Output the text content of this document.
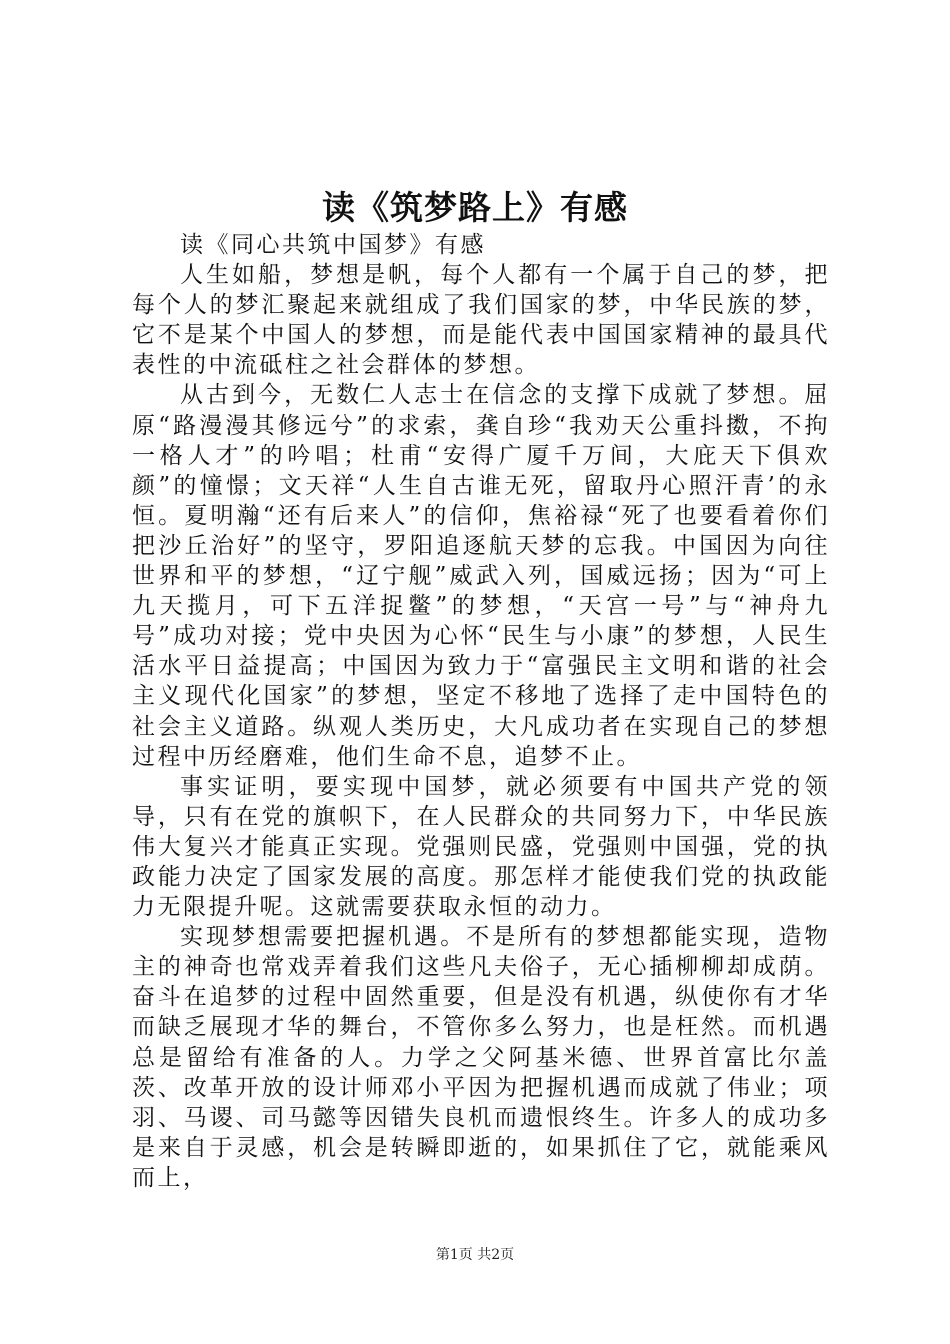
读《筑梦路上》有感

读《同心共筑中国梦》有感

人生如船，梦想是帆，每个人都有一个属于自己的梦，把每个人的梦汇聚起来就组成了我们国家的梦，中华民族的梦，它不是某个中国人的梦想，而是能代表中国国家精神的最具代表性的中流砥柱之社会群体的梦想。

从古到今，无数仁人志士在信念的支撑下成就了梦想。屈原“路漫漫其修远兮”的求索，龚自珍“我劝天公重抖擞，不拘一格人才”的吟唱；杜甫“安得广厦千万间，大庇天下俱欢颜”的憧憬；文天祥“人生自古谁无死，留取丹心照汗青’的永恒。夏明瀚“还有后来人”的信仰，焦裕禄“死了也要看着你们把沙丘治好”的坚守，罗阳追逐航天梦的忘我。中国因为向往世界和平的梦想，“辽宁舰”威武入列，国威远扬；因为“可上九天揽月，可下五洋捉鳖”的梦想，“天宫一号”与“神舟九号”成功对接；党中央因为心怀“民生与小康”的梦想，人民生活水平日益提高；中国因为致力于“富强民主文明和谐的社会主义现代化国家”的梦想，坚定不移地了选择了走中国特色的社会主义道路。纵观人类历史，大凡成功者在实现自己的梦想过程中历经磨难，他们生命不息，追梦不止。

事实证明，要实现中国梦，就必须要有中国共产党的领导，只有在党的旗帜下，在人民群众的共同努力下，中华民族伟大复兴才能真正实现。党强则民盛，党强则中国强，党的执政能力决定了国家发展的高度。那怎样才能使我们党的执政能力无限提升呢。这就需要获取永恒的动力。

实现梦想需要把握机遇。不是所有的梦想都能实现，造物主的神奇也常戏弄着我们这些凡夫俗子，无心插柳柳却成荫。奋斗在追梦的过程中固然重要，但是没有机遇，纵使你有才华而缺乏展现才华的舞台，不管你多么努力，也是枉然。而机遇总是留给有准备的人。力学之父阿基米德、世界首富比尔盖茨、改革开放的设计师邓小平因为把握机遇而成就了伟业；项羽、马谡、司马懿等因错失良机而遗恨终生。许多人的成功多是来自于灵感，机会是转瞬即逝的，如果抓住了它，就能乘风而上，

第1页 共2页
